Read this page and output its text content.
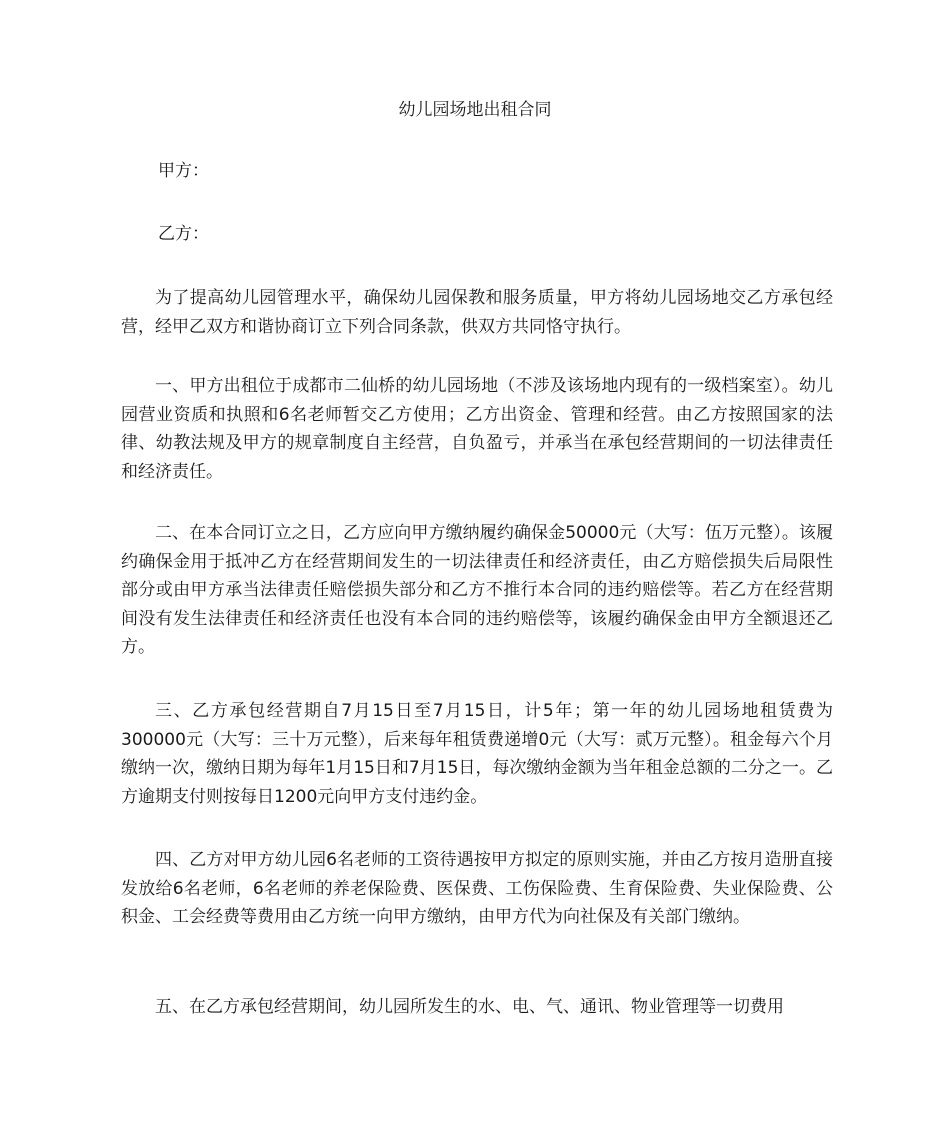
幼儿园场地出租合同
甲方：
乙方：

为了提高幼儿园管理水平，确保幼儿园保教和服务质量，甲方将幼儿园场地交乙方承包经营，经甲乙双方和谐协商订立下列合同条款，供双方共同恪守执行。

一、甲方出租位于成都市二仙桥的幼儿园场地（不涉及该场地内现有的一级档案室）。幼儿园营业资质和执照和6名老师暂交乙方使用；乙方出资金、管理和经营。由乙方按照国家的法律、幼教法规及甲方的规章制度自主经营，自负盈亏，并承当在承包经营期间的一切法律责任和经济责任。

二、在本合同订立之日，乙方应向甲方缴纳履约确保金50000元（大写：伍万元整）。该履约确保金用于抵冲乙方在经营期间发生的一切法律责任和经济责任，由乙方赔偿损失后局限性部分或由甲方承当法律责任赔偿损失部分和乙方不推行本合同的违约赔偿等。若乙方在经营期间没有发生法律责任和经济责任也没有本合同的违约赔偿等，该履约确保金由甲方全额退还乙方。

三、乙方承包经营期自7月15日至7月15日，计5年；第一年的幼儿园场地租赁费为300000元（大写：三十万元整），后来每年租赁费递增0元（大写：贰万元整）。租金每六个月缴纳一次，缴纳日期为每年1月15日和7月15日，每次缴纳金额为当年租金总额的二分之一。乙方逾期支付则按每日1200元向甲方支付违约金。

四、乙方对甲方幼儿园6名老师的工资待遇按甲方拟定的原则实施，并由乙方按月造册直接发放给6名老师，6名老师的养老保险费、医保费、工伤保险费、生育保险费、失业保险费、公积金、工会经费等费用由乙方统一向甲方缴纳，由甲方代为向社保及有关部门缴纳。

五、在乙方承包经营期间，幼儿园所发生的水、电、气、通讯、物业管理等一切费用
